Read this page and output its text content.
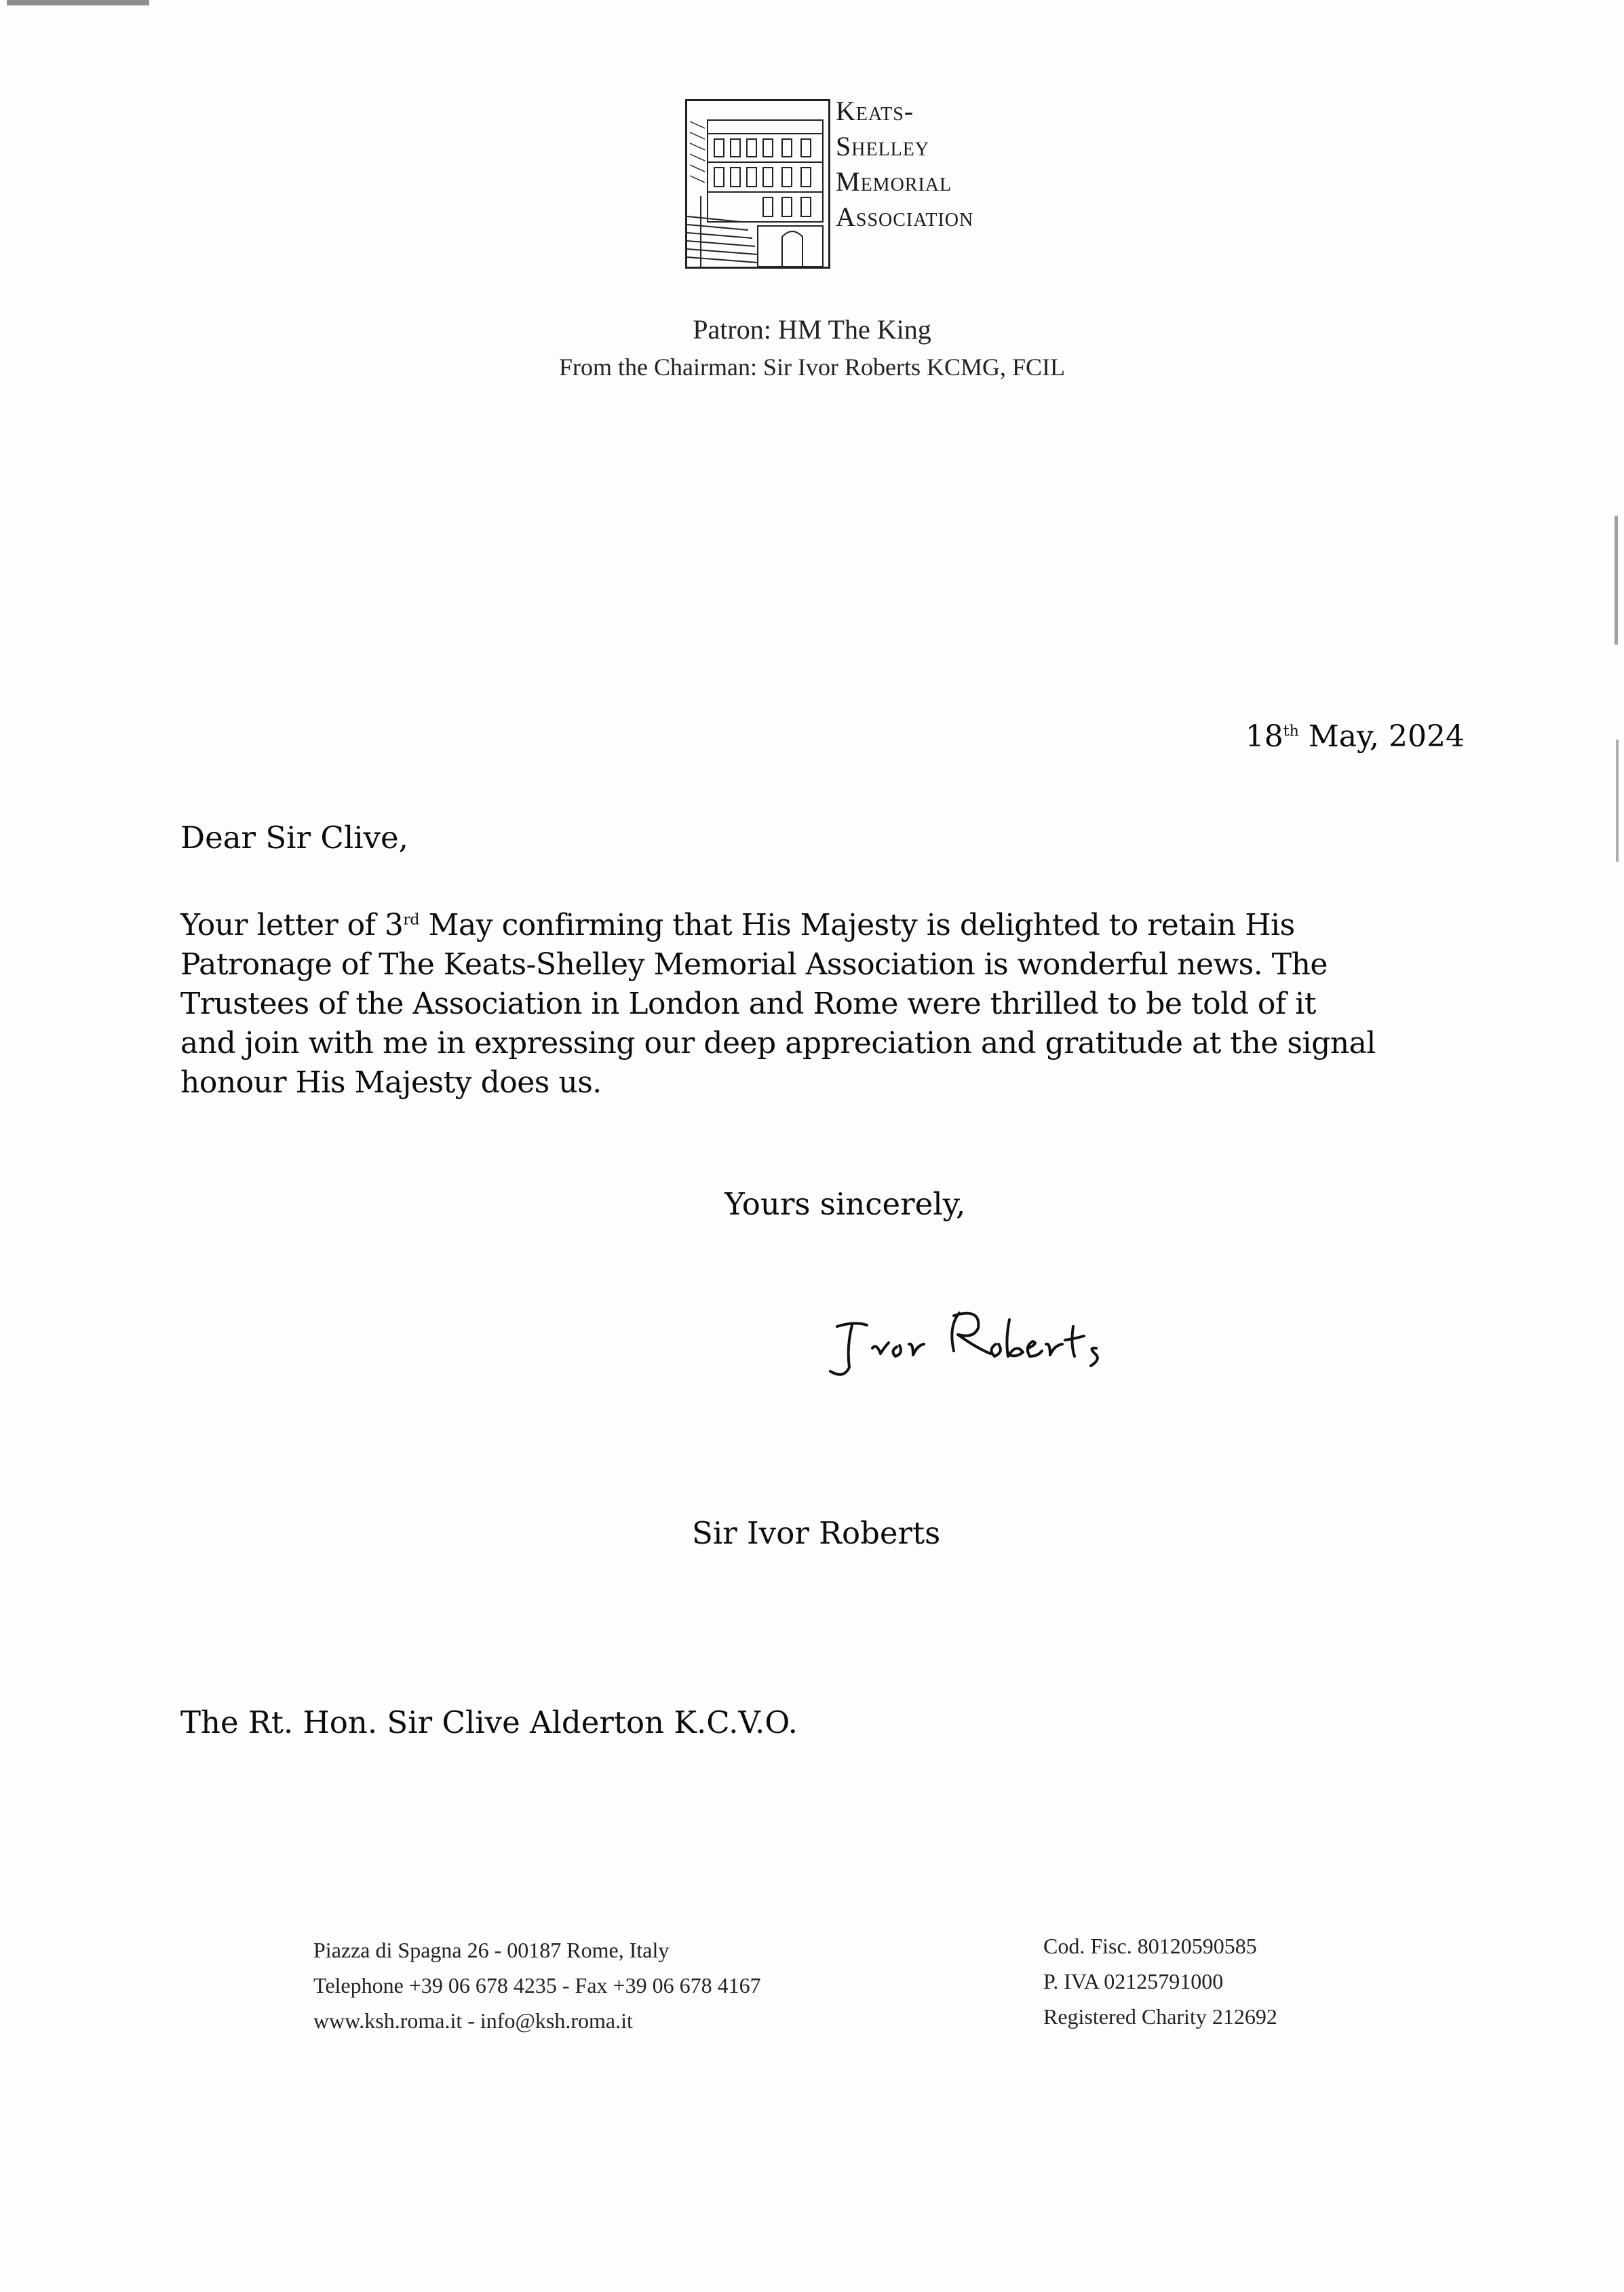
Keats-
Shelley
Memorial
Association
Patron: HM The King
From the Chairman: Sir Ivor Roberts KCMG, FCIL
18th May, 2024
Dear Sir Clive,
Your letter of 3rd May confirming that His Majesty is delighted to retain His
Patronage of The Keats-Shelley Memorial Association is wonderful news. The
Trustees of the Association in London and Rome were thrilled to be told of it
and join with me in expressing our deep appreciation and gratitude at the signal
honour His Majesty does us.
Yours sincerely,
Sir Ivor Roberts
The Rt. Hon. Sir Clive Alderton K.C.V.O.
Piazza di Spagna 26 - 00187 Rome, Italy
Telephone +39 06 678 4235 - Fax +39 06 678 4167
www.ksh.roma.it - info@ksh.roma.it
Cod. Fisc. 80120590585
P. IVA 02125791000
Registered Charity 212692
